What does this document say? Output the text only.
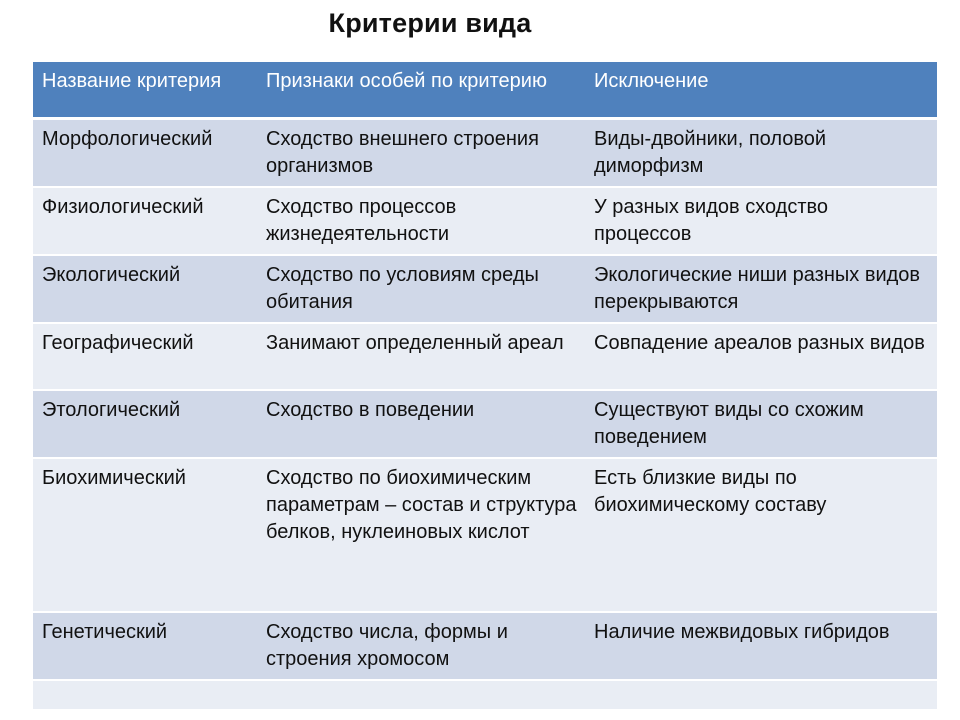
Критерии вида
Название критерия	Признаки особей по критерию	Исключение
Морфологический	Сходство внешнего строения организмов	Виды-двойники, половой диморфизм
Физиологический	Сходство процессов жизнедеятельности	У разных видов сходство процессов
Экологический	Сходство по условиям среды обитания	Экологические ниши разных видов перекрываются
Географический	Занимают определенный ареал	Совпадение ареалов разных видов
Этологический	Сходство в поведении	Существуют виды со схожим поведением
Биохимический	Сходство по биохимическим параметрам – состав и структура белков, нуклеиновых кислот	Есть близкие виды по биохимическому составу
Генетический	Сходство числа, формы и строения хромосом	Наличие межвидовых гибридов
